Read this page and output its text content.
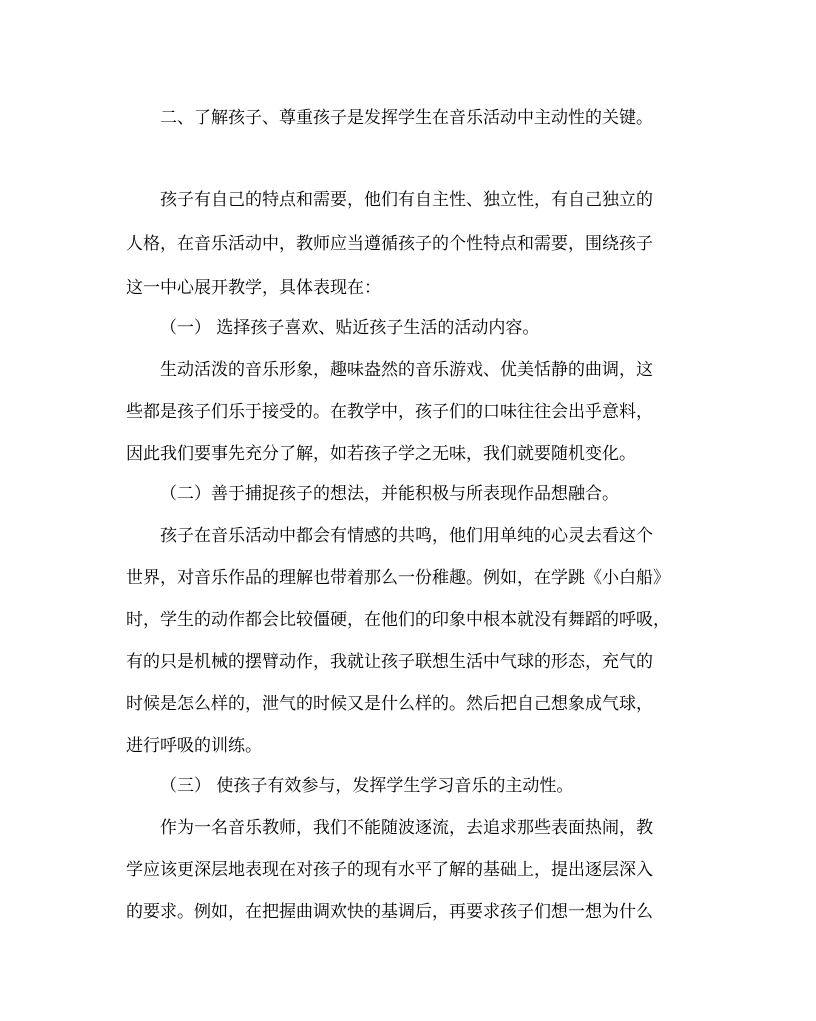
二、了解孩子、尊重孩子是发挥学生在音乐活动中主动性的关键。

孩子有自己的特点和需要，他们有自主性、独立性，有自己独立的

人格，在音乐活动中，教师应当遵循孩子的个性特点和需要，围绕孩子

这一中心展开教学，具体表现在：

（一） 选择孩子喜欢、贴近孩子生活的活动内容。

生动活泼的音乐形象，趣味盎然的音乐游戏、优美恬静的曲调，这

些都是孩子们乐于接受的。在教学中，孩子们的口味往往会出乎意料，

因此我们要事先充分了解，如若孩子学之无味，我们就要随机变化。

（二）善于捕捉孩子的想法，并能积极与所表现作品想融合。

孩子在音乐活动中都会有情感的共鸣，他们用单纯的心灵去看这个

世界，对音乐作品的理解也带着那么一份稚趣。例如，在学跳《小白船》

时，学生的动作都会比较僵硬，在他们的印象中根本就没有舞蹈的呼吸，

有的只是机械的摆臂动作，我就让孩子联想生活中气球的形态，充气的

时候是怎么样的，泄气的时候又是什么样的。然后把自己想象成气球，

进行呼吸的训练。

（三） 使孩子有效参与，发挥学生学习音乐的主动性。

作为一名音乐教师，我们不能随波逐流，去追求那些表面热闹，教

学应该更深层地表现在对孩子的现有水平了解的基础上，提出逐层深入

的要求。例如，在把握曲调欢快的基调后，再要求孩子们想一想为什么
